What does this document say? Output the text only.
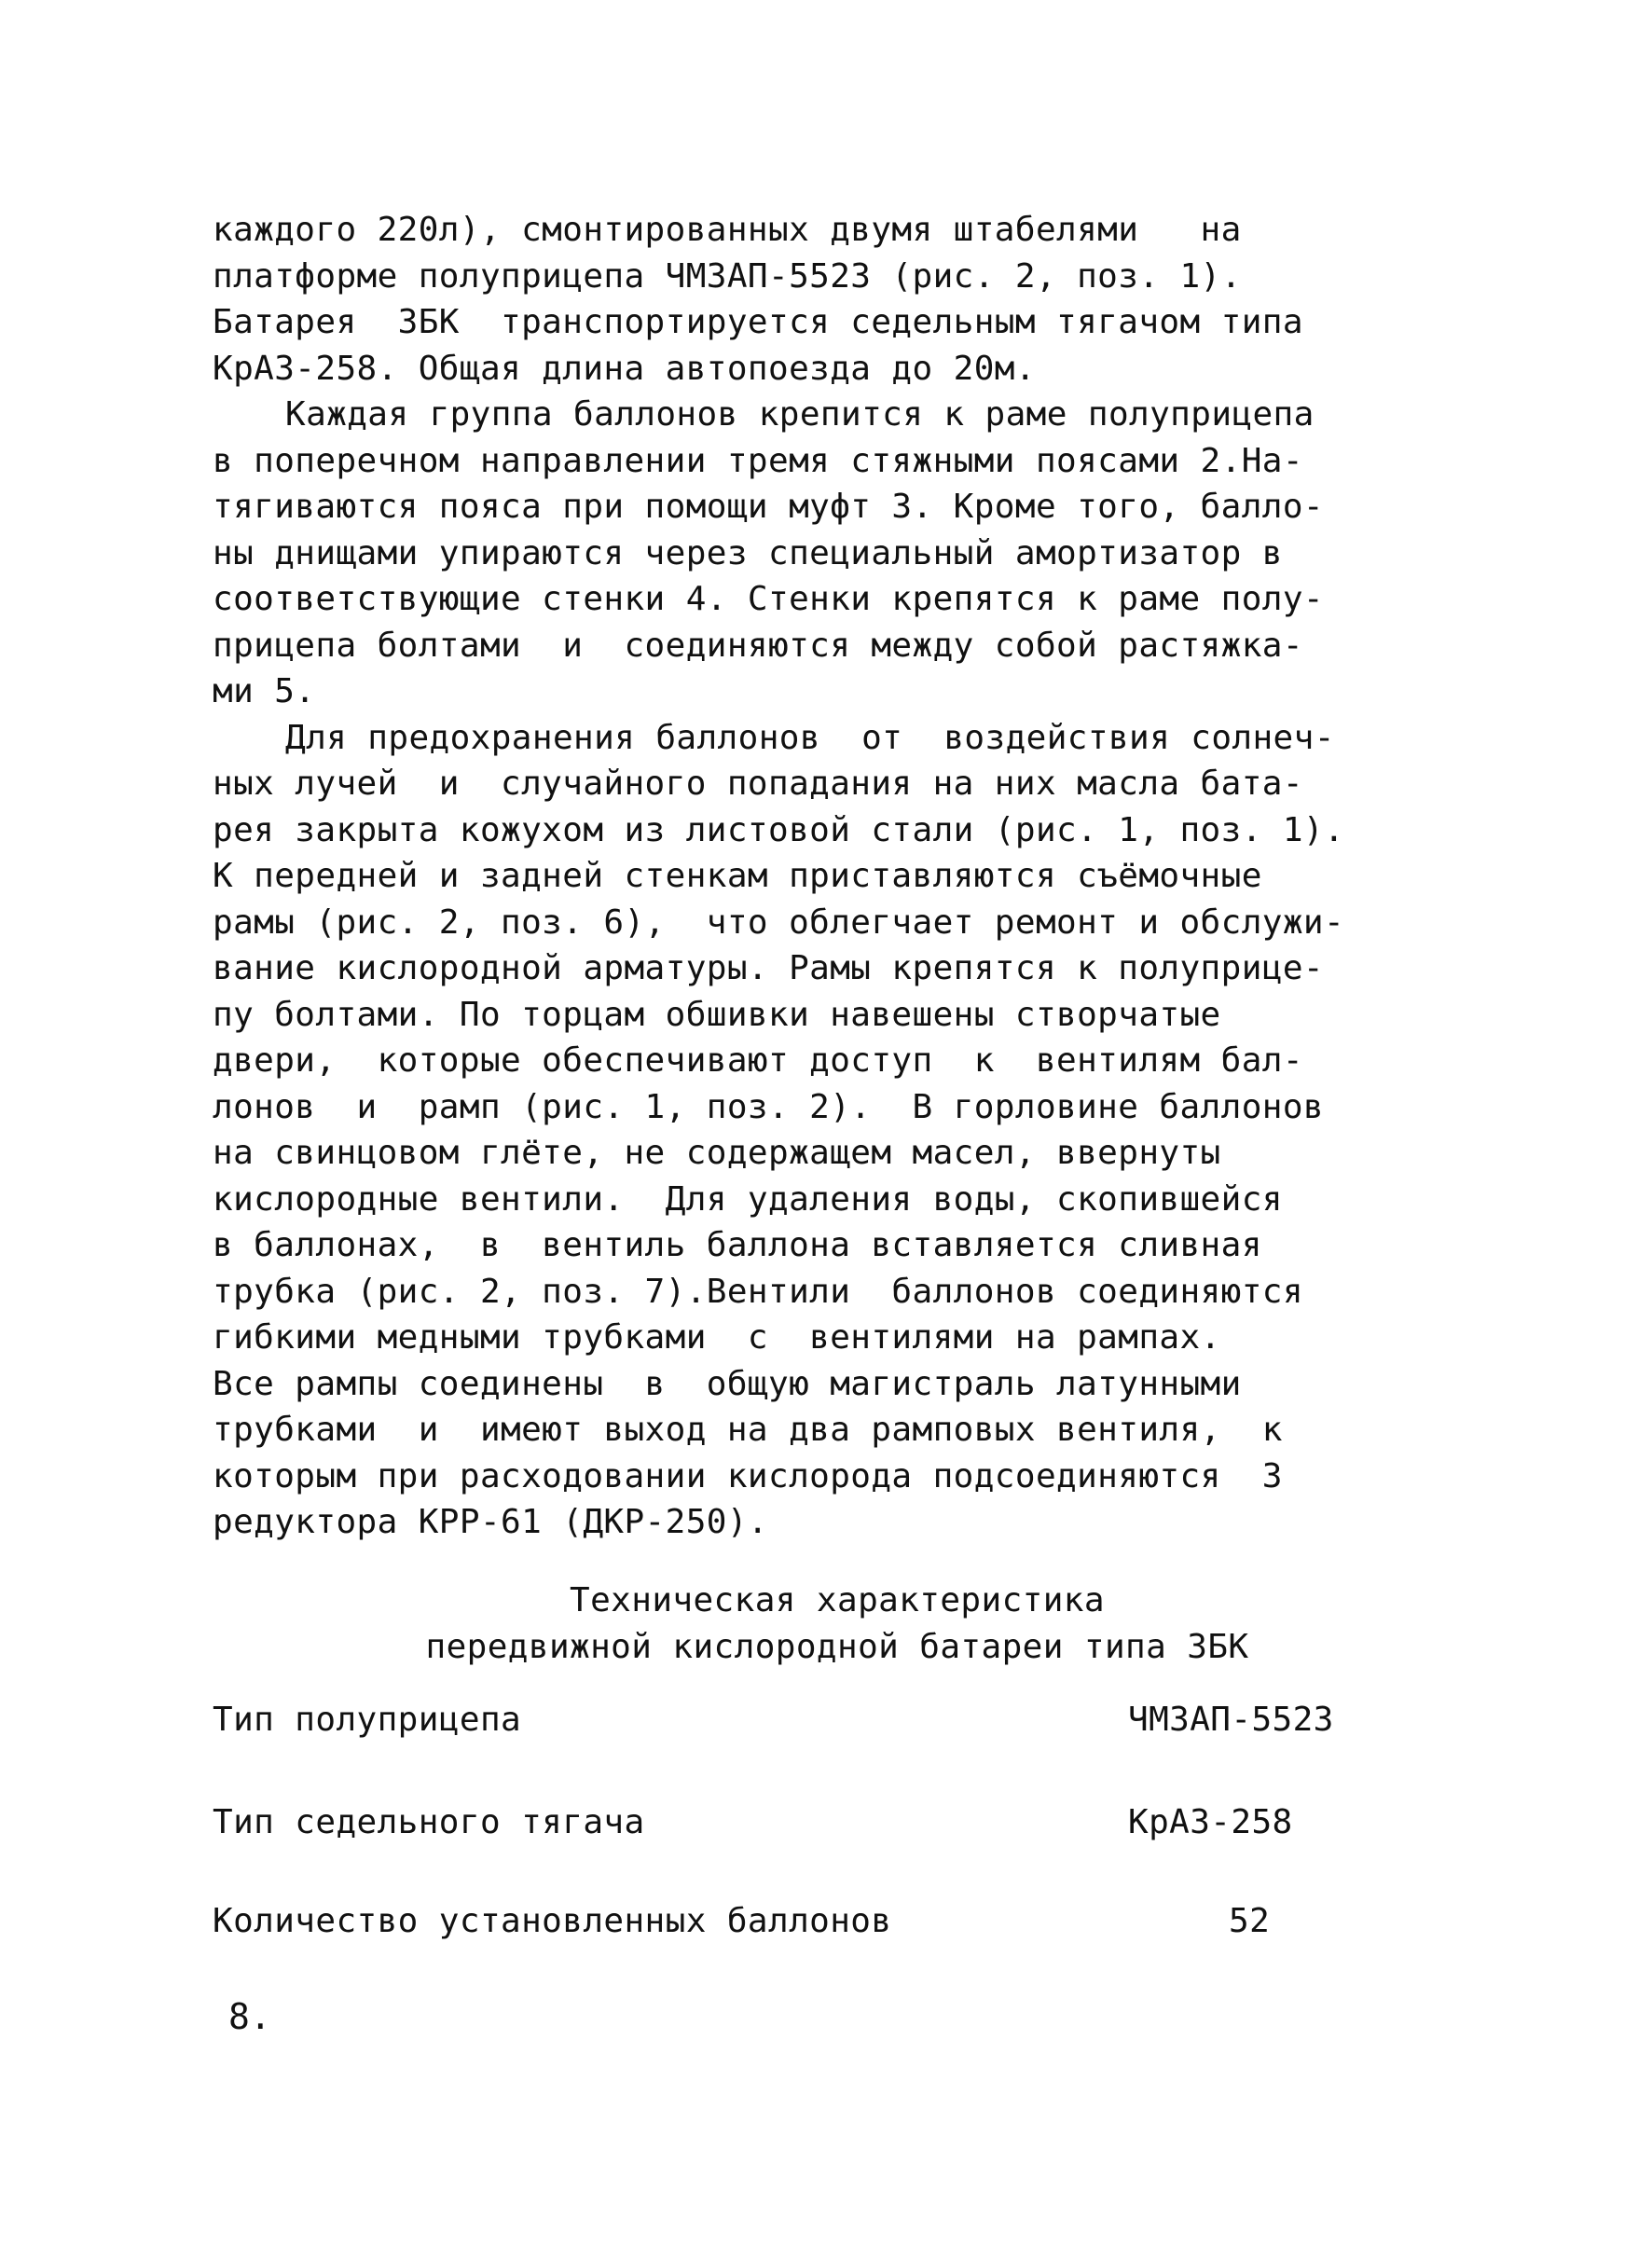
каждого 220л), смонтированных двумя штабелями   на
платформе полуприцепа ЧМЗАП-5523 (рис. 2, поз. 1).
Батарея  ЗБК  транспортируется седельным тягачом типа
КрАЗ-258. Общая длина автопоезда до 20м.
Каждая группа баллонов крепится к раме полуприцепа
в поперечном направлении тремя стяжными поясами 2.На-
тягиваются пояса при помощи муфт 3. Кроме того, балло-
ны днищами упираются через специальный амортизатор в
соответствующие стенки 4. Стенки крепятся к раме полу-
прицепа болтами  и  соединяются между собой растяжка-
ми 5.
Для предохранения баллонов  от  воздействия солнеч-
ных лучей  и  случайного попадания на них масла бата-
рея закрыта кожухом из листовой стали (рис. 1, поз. 1).
К передней и задней стенкам приставляются съёмочные
рамы (рис. 2, поз. 6),  что облегчает ремонт и обслужи-
вание кислородной арматуры. Рамы крепятся к полуприце-
пу болтами. По торцам обшивки навешены створчатые
двери,  которые обеспечивают доступ  к  вентилям бал-
лонов  и  рамп (рис. 1, поз. 2).  В горловине баллонов
на свинцовом глёте, не содержащем масел, ввернуты
кислородные вентили.  Для удаления воды, скопившейся
в баллонах,  в  вентиль баллона вставляется сливная
трубка (рис. 2, поз. 7).Вентили  баллонов соединяются
гибкими медными трубками  с  вентилями на рампах.
Все рампы соединены  в  общую магистраль латунными
трубками  и  имеют выход на два рамповых вентиля,  к
которым при расходовании кислорода подсоединяются  3
редуктора КРР-61 (ДКР-250).
Техническая характеристика
передвижной кислородной батареи типа ЗБК
Тип полуприцепа	ЧМЗАП-5523
Тип седельного тягача	КрАЗ-258
Количество установленных баллонов	52
8.
